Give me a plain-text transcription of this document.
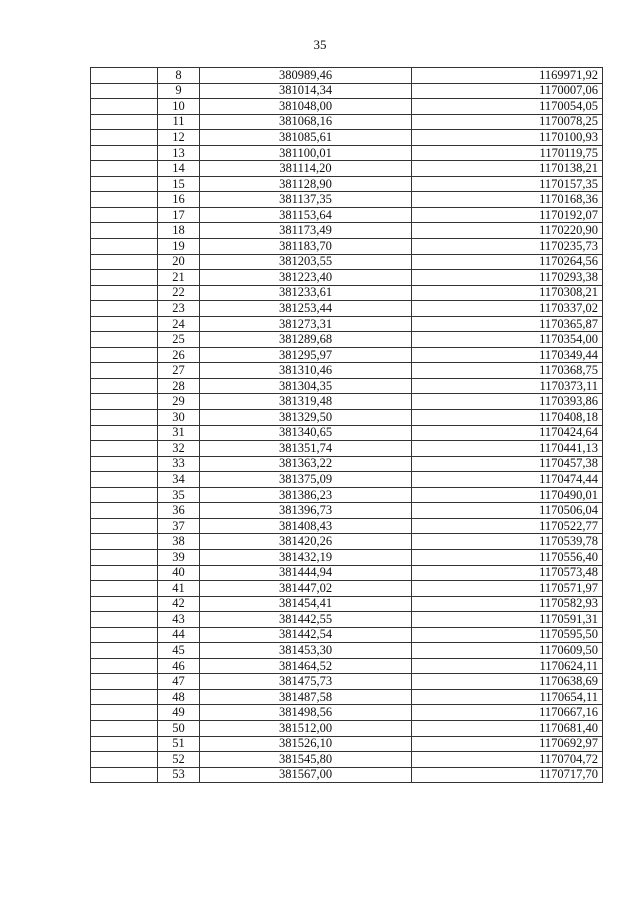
35
	8	380989,46	1169971,92
	9	381014,34	1170007,06
	10	381048,00	1170054,05
	11	381068,16	1170078,25
	12	381085,61	1170100,93
	13	381100,01	1170119,75
	14	381114,20	1170138,21
	15	381128,90	1170157,35
	16	381137,35	1170168,36
	17	381153,64	1170192,07
	18	381173,49	1170220,90
	19	381183,70	1170235,73
	20	381203,55	1170264,56
	21	381223,40	1170293,38
	22	381233,61	1170308,21
	23	381253,44	1170337,02
	24	381273,31	1170365,87
	25	381289,68	1170354,00
	26	381295,97	1170349,44
	27	381310,46	1170368,75
	28	381304,35	1170373,11
	29	381319,48	1170393,86
	30	381329,50	1170408,18
	31	381340,65	1170424,64
	32	381351,74	1170441,13
	33	381363,22	1170457,38
	34	381375,09	1170474,44
	35	381386,23	1170490,01
	36	381396,73	1170506,04
	37	381408,43	1170522,77
	38	381420,26	1170539,78
	39	381432,19	1170556,40
	40	381444,94	1170573,48
	41	381447,02	1170571,97
	42	381454,41	1170582,93
	43	381442,55	1170591,31
	44	381442,54	1170595,50
	45	381453,30	1170609,50
	46	381464,52	1170624,11
	47	381475,73	1170638,69
	48	381487,58	1170654,11
	49	381498,56	1170667,16
	50	381512,00	1170681,40
	51	381526,10	1170692,97
	52	381545,80	1170704,72
	53	381567,00	1170717,70
